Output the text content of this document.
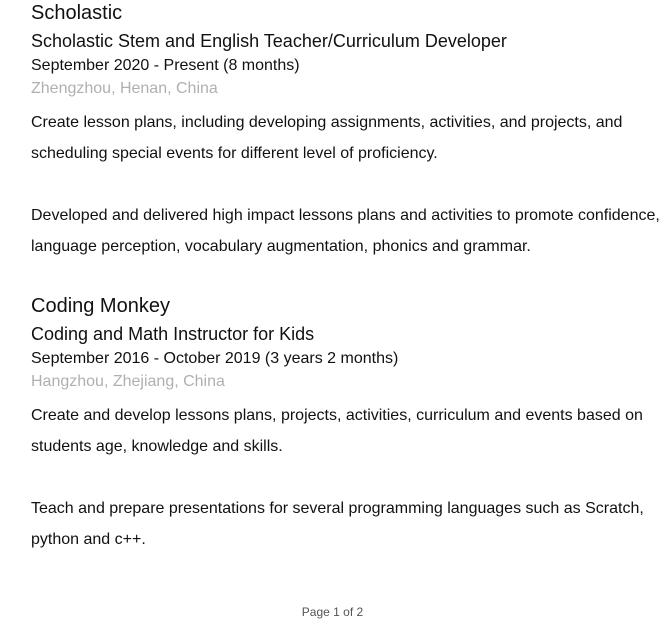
Scholastic
Scholastic Stem and English Teacher/Curriculum Developer
September 2020 - Present (8 months)
Zhengzhou, Henan, China

Create lesson plans, including developing assignments, activities, and projects, and scheduling special events for different level of proficiency.

Developed and delivered high impact lessons plans and activities to promote confidence, language perception, vocabulary augmentation, phonics and grammar.

Coding Monkey
Coding and Math Instructor for Kids
September 2016 - October 2019 (3 years 2 months)
Hangzhou, Zhejiang, China

Create and develop lessons plans, projects, activities, curriculum and events based on students age, knowledge and skills.

Teach and prepare presentations for several programming languages such as Scratch, python and c++.

Page 1 of 2
